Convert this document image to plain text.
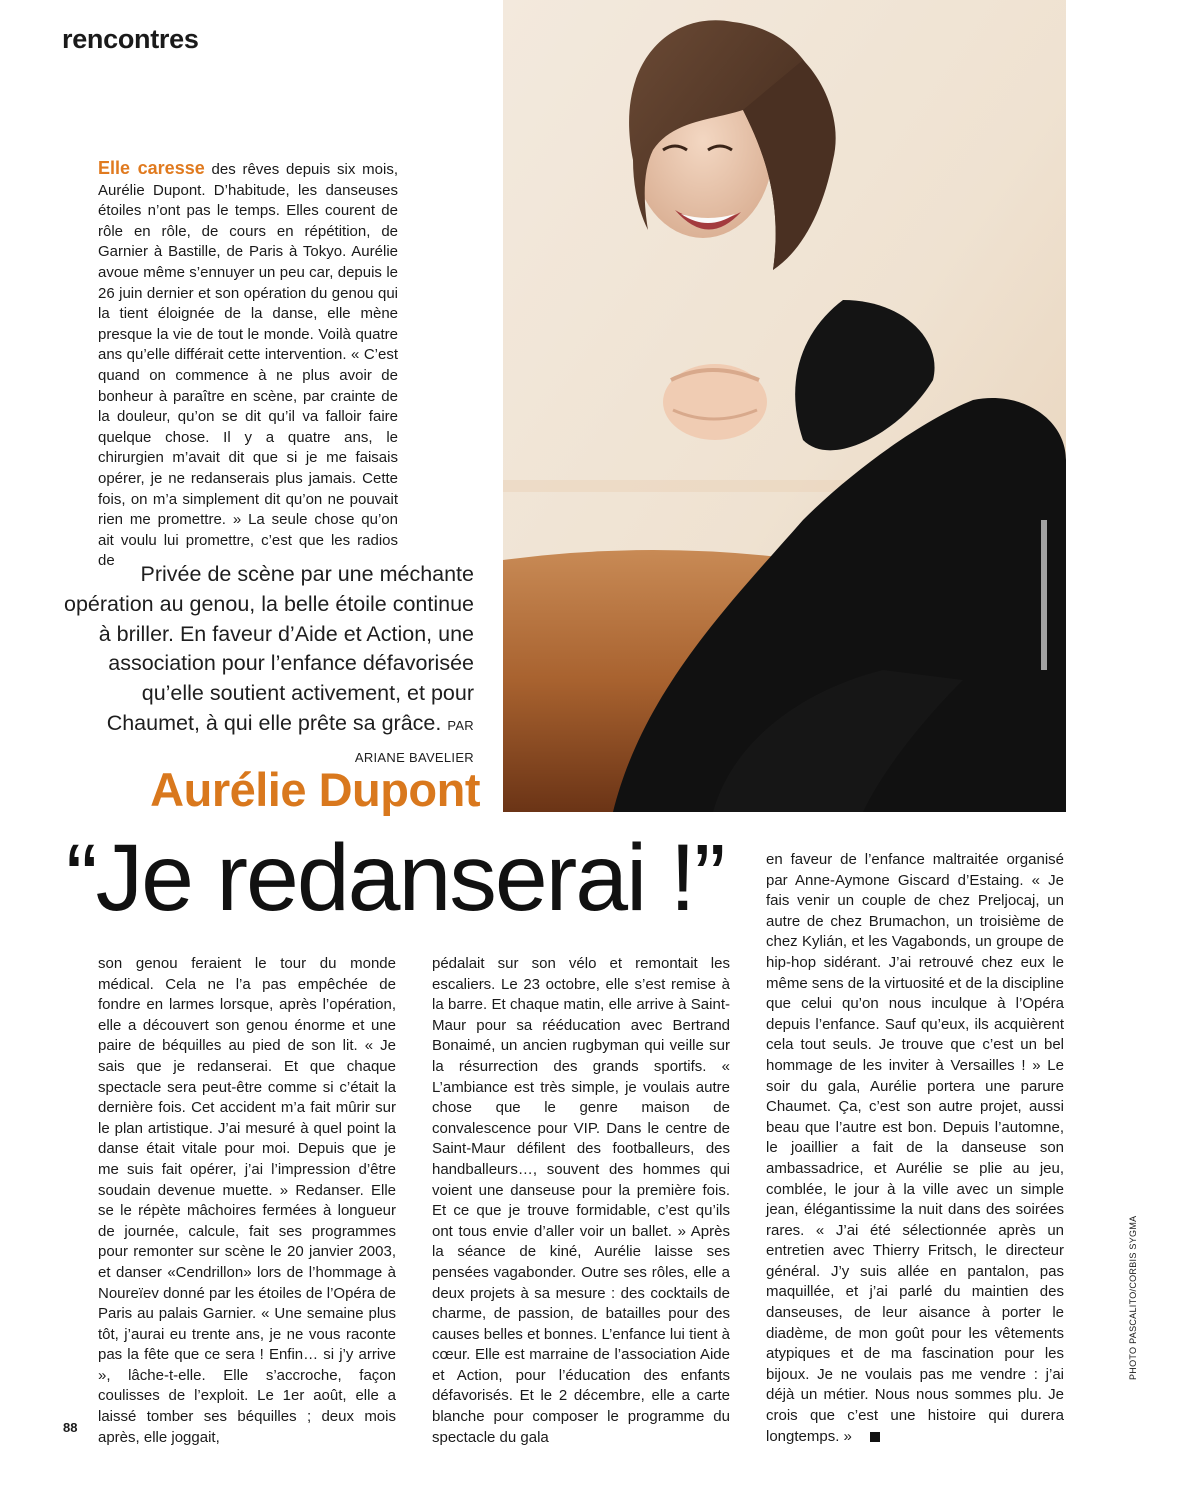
rencontres
Elle caresse des rêves depuis six mois, Aurélie Dupont. D’habitude, les danseuses étoiles n’ont pas le temps. Elles courent de rôle en rôle, de cours en répétition, de Garnier à Bastille, de Paris à Tokyo. Aurélie avoue même s’ennuyer un peu car, depuis le 26 juin dernier et son opération du genou qui la tient éloignée de la danse, elle mène presque la vie de tout le monde. Voilà quatre ans qu’elle différait cette intervention. « C’est quand on commence à ne plus avoir de bonheur à paraître en scène, par crainte de la douleur, qu’on se dit qu’il va falloir faire quelque chose. Il y a quatre ans, le chirurgien m’avait dit que si je me faisais opérer, je ne redanserais plus jamais. Cette fois, on m’a simplement dit qu’on ne pouvait rien me promettre. » La seule chose qu’on ait voulu lui promettre, c’est que les radios de
Privée de scène par une méchante opération au genou, la belle étoile continue à briller. En faveur d’Aide et Action, une association pour l’enfance défavorisée qu’elle soutient activement, et pour Chaumet, à qui elle prête sa grâce. PAR ARIANE BAVELIER
Aurélie Dupont
“Je redanserai !”
son genou feraient le tour du monde médical. Cela ne l’a pas empêchée de fondre en larmes lorsque, après l’opération, elle a découvert son genou énorme et une paire de béquilles au pied de son lit. « Je sais que je redanserai. Et que chaque spectacle sera peut-être comme si c’était la dernière fois. Cet accident m’a fait mûrir sur le plan artistique. J’ai mesuré à quel point la danse était vitale pour moi. Depuis que je me suis fait opérer, j’ai l’impression d’être soudain devenue muette. » Redanser. Elle se le répète mâchoires fermées à longueur de journée, calcule, fait ses programmes pour remonter sur scène le 20 janvier 2003, et danser «Cendrillon» lors de l’hommage à Noureïev donné par les étoiles de l’Opéra de Paris au palais Garnier. « Une semaine plus tôt, j’aurai eu trente ans, je ne vous raconte pas la fête que ce sera ! Enfin… si j’y arrive », lâche-t-elle. Elle s’accroche, façon coulisses de l’exploit. Le 1er août, elle a laissé tomber ses béquilles ; deux mois après, elle joggait,
pédalait sur son vélo et remontait les escaliers. Le 23 octobre, elle s’est remise à la barre. Et chaque matin, elle arrive à Saint-Maur pour sa rééducation avec Bertrand Bonaimé, un ancien rugbyman qui veille sur la résurrection des grands sportifs. « L’ambiance est très simple, je voulais autre chose que le genre maison de convalescence pour VIP. Dans le centre de Saint-Maur défilent des footballeurs, des handballeurs…, souvent des hommes qui voient une danseuse pour la première fois. Et ce que je trouve formidable, c’est qu’ils ont tous envie d’aller voir un ballet. » Après la séance de kiné, Aurélie laisse ses pensées vagabonder. Outre ses rôles, elle a deux projets à sa mesure : des cocktails de charme, de passion, de batailles pour des causes belles et bonnes. L’enfance lui tient à cœur. Elle est marraine de l’association Aide et Action, pour l’éducation des enfants défavorisés. Et le 2 décembre, elle a carte blanche pour composer le programme du spectacle du gala
en faveur de l’enfance maltraitée organisé par Anne-Aymone Giscard d’Estaing. « Je fais venir un couple de chez Preljocaj, un autre de chez Brumachon, un troisième de chez Kylián, et les Vagabonds, un groupe de hip-hop sidérant. J’ai retrouvé chez eux le même sens de la virtuosité et de la discipline que celui qu’on nous inculque à l’Opéra depuis l’enfance. Sauf qu’eux, ils acquièrent cela tout seuls. Je trouve que c’est un bel hommage de les inviter à Versailles ! » Le soir du gala, Aurélie portera une parure Chaumet. Ça, c’est son autre projet, aussi beau que l’autre est bon. Depuis l’automne, le joaillier a fait de la danseuse son ambassadrice, et Aurélie se plie au jeu, comblée, le jour à la ville avec un simple jean, élégantissime la nuit dans des soirées rares. « J’ai été sélectionnée après un entretien avec Thierry Fritsch, le directeur général. J’y suis allée en pantalon, pas maquillée, et j’ai parlé du maintien des danseuses, de leur aisance à porter le diadème, de mon goût pour les vêtements atypiques et de ma fascination pour les bijoux. Je ne voulais pas me vendre : j’ai déjà un métier. Nous nous sommes plu. Je crois que c’est une histoire qui durera longtemps. »
PHOTO PASCALITO/CORBIS SYGMA
88
